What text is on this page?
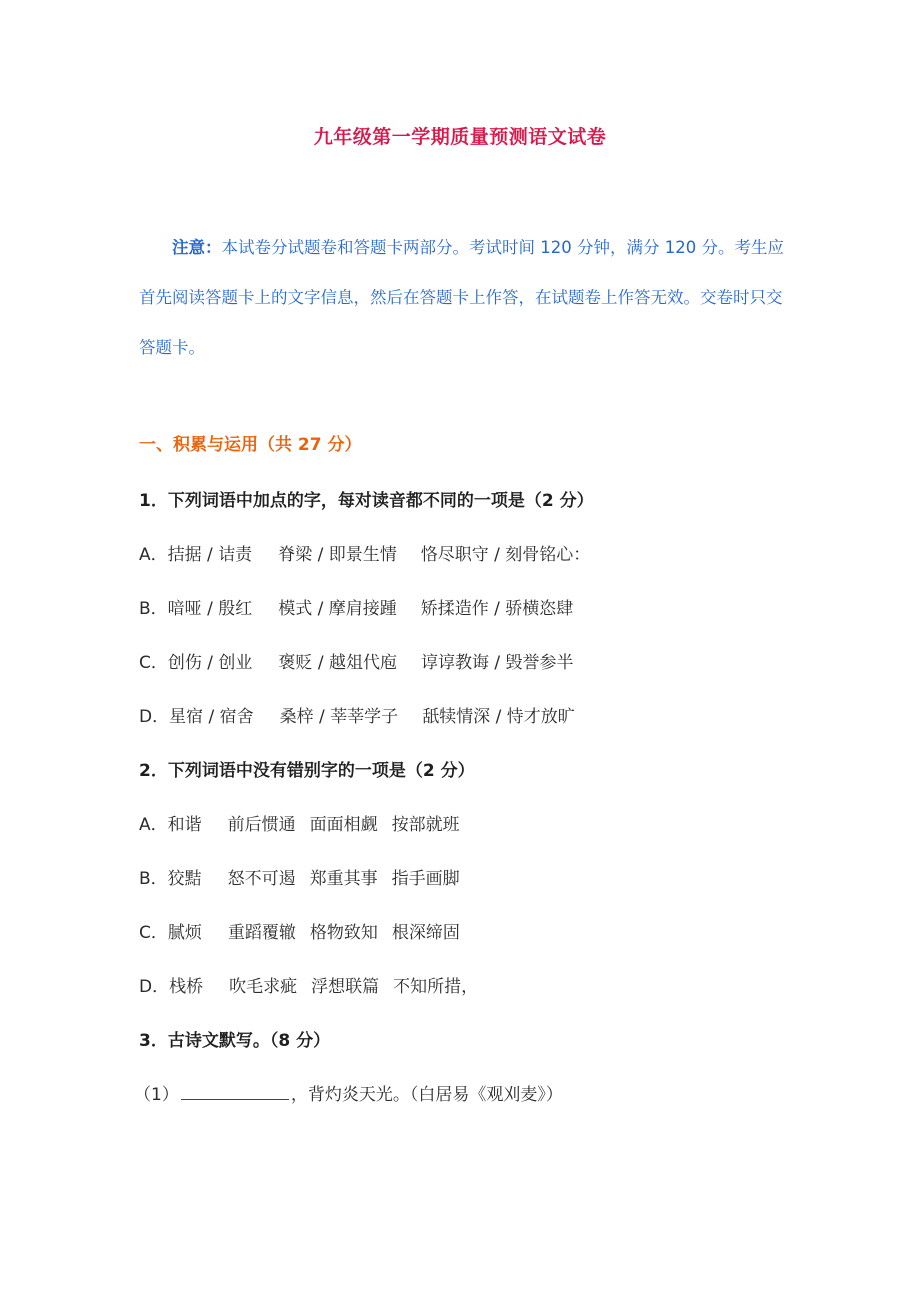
九年级第一学期质量预测语文试卷
注意：本试卷分试题卷和答题卡两部分。考试时间 120 分钟，满分 120 分。考生应首先阅读答题卡上的文字信息，然后在答题卡上作答，在试题卷上作答无效。交卷时只交答题卡。
一、积累与运用（共 27 分）
1．下列词语中加点的字，每对读音都不同的一项是（2 分）
A．拮据 / 诘责 脊梁 / 即景生情 恪尽职守 / 刻骨铭心：
B．喑哑 / 殷红 模式 / 摩肩接踵 矫揉造作 / 骄横恣肆
C．创伤 / 创业 褒贬 / 越俎代庖 谆谆教诲 / 毁誉参半
D．星宿 / 宿舍 桑梓 / 莘莘学子 舐犊情深 / 恃才放旷
2．下列词语中没有错别字的一项是（2 分）
A．和谐 前后惯通 面面相觑 按部就班
B．狡黠 怒不可遏 郑重其事 指手画脚
C．腻烦 重蹈覆辙 格物致知 根深缔固
D．栈桥 吹毛求疵 浮想联篇 不知所措，
3．古诗文默写。（8 分）
（1）	，背灼炎天光。（白居易《观刈麦》）
